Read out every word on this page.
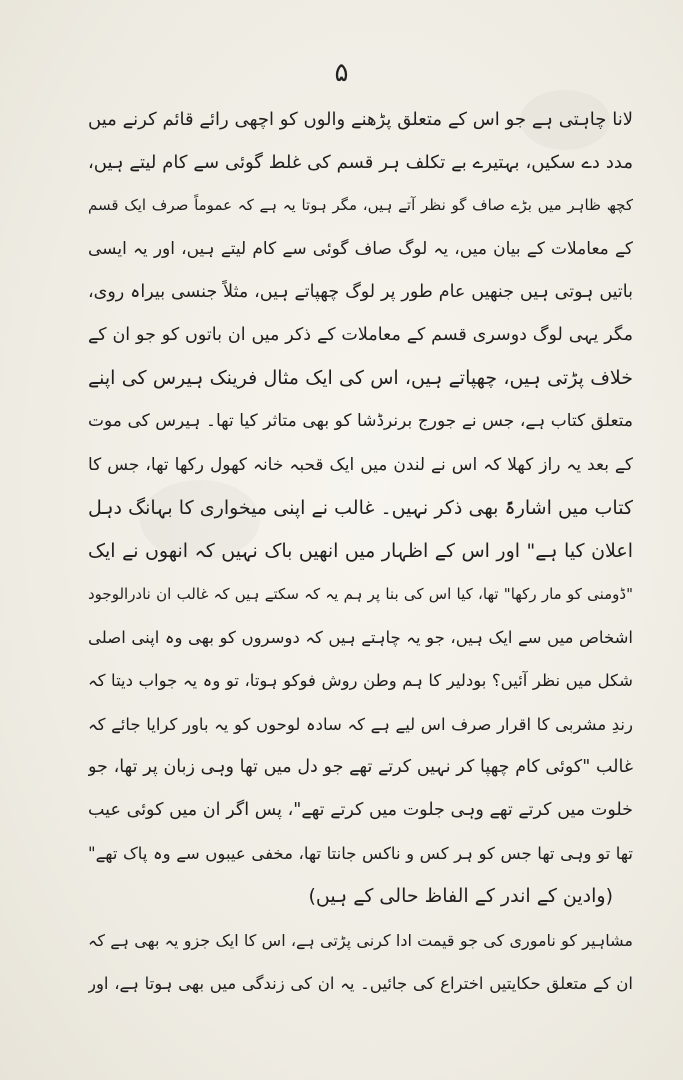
۵
لانا چاہتی ہے جو اس کے متعلق پڑھنے والوں کو اچھی رائے قائم کرنے میں
مدد دے سکیں، بہتیرے بے تکلف ہر قسم کی غلط گوئی سے کام لیتے ہیں،
کچھ ظاہر میں بڑے صاف گو نظر آتے ہیں، مگر ہوتا یہ ہے کہ عموماً صرف ایک قسم
کے معاملات کے بیان میں، یہ لوگ صاف گوئی سے کام لیتے ہیں، اور یہ ایسی
باتیں ہوتی ہیں جنھیں عام طور پر لوگ چھپاتے ہیں، مثلاً جنسی بیراہ روی،
مگر یہی لوگ دوسری قسم کے معاملات کے ذکر میں ان باتوں کو جو ان کے
خلاف پڑتی ہیں، چھپاتے ہیں، اس کی ایک مثال فرینک ہیرس کی اپنے
متعلق کتاب ہے، جس نے جورج برنرڈشا کو بھی متاثر کیا تھا۔ ہیرس کی موت
کے بعد یہ راز کھلا کہ اس نے لندن میں ایک قحبہ خانہ کھول رکھا تھا، جس کا
کتاب میں اشارۃً بھی ذکر نہیں۔ غالب نے اپنی میخواری کا بہانگ دہل
اعلان کیا ہے" اور اس کے اظہار میں انھیں باک نہیں کہ انھوں نے ایک
"ڈومنی کو مار رکھا" تھا، کیا اس کی بنا پر ہم یہ کہ سکتے ہیں کہ غالب ان نادرالوجود
اشخاص میں سے ایک ہیں، جو یہ چاہتے ہیں کہ دوسروں کو بھی وہ اپنی اصلی
شکل میں نظر آئیں؟ بودلیر کا ہم وطن روش فوکو ہوتا، تو وہ یہ جواب دیتا کہ
رندِ مشربی کا اقرار صرف اس لیے ہے کہ سادہ لوحوں کو یہ باور کرایا جائے کہ
غالب "کوئی کام چھپا کر نہیں کرتے تھے جو دل میں تھا وہی زبان پر تھا، جو
خلوت میں کرتے تھے وہی جلوت میں کرتے تھے"، پس اگر ان میں کوئی عیب
تھا تو وہی تھا جس کو ہر کس و ناکس جانتا تھا، مخفی عیبوں سے وہ پاک تھے"
(وادین کے اندر کے الفاظ حالی کے ہیں)
مشاہیر کو ناموری کی جو قیمت ادا کرنی پڑتی ہے، اس کا ایک جزو یہ بھی ہے کہ
ان کے متعلق حکایتیں اختراع کی جائیں۔ یہ ان کی زندگی میں بھی ہوتا ہے، اور
